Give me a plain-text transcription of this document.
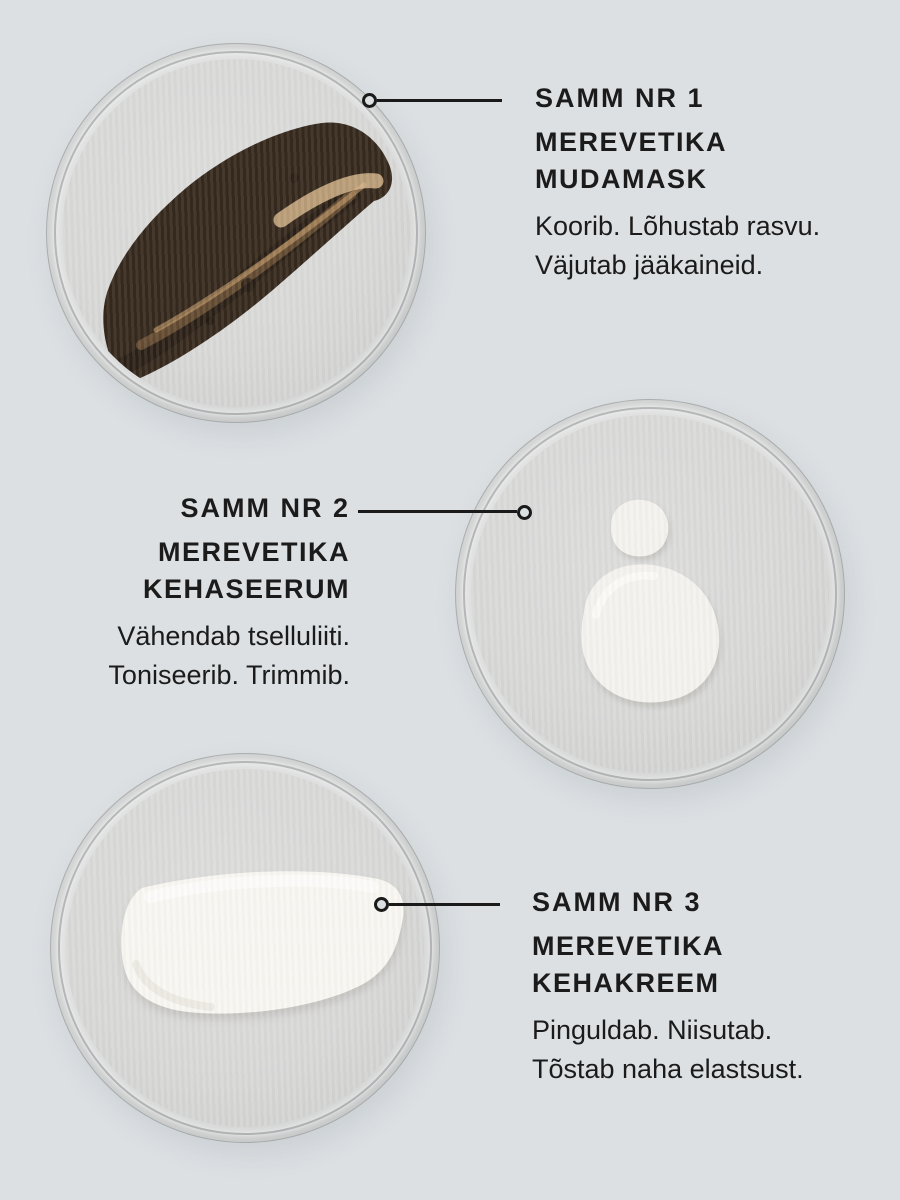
SAMM NR 1
MEREVETIKA
MUDAMASK
Koorib. Lõhustab rasvu.
Väjutab jääkaineid.
SAMM NR 2
MEREVETIKA
KEHASEERUM
Vähendab tselluliiti.
Toniseerib. Trimmib.
SAMM NR 3
MEREVETIKA
KEHAKREEM
Pinguldab. Niisutab.
Tõstab naha elastsust.
